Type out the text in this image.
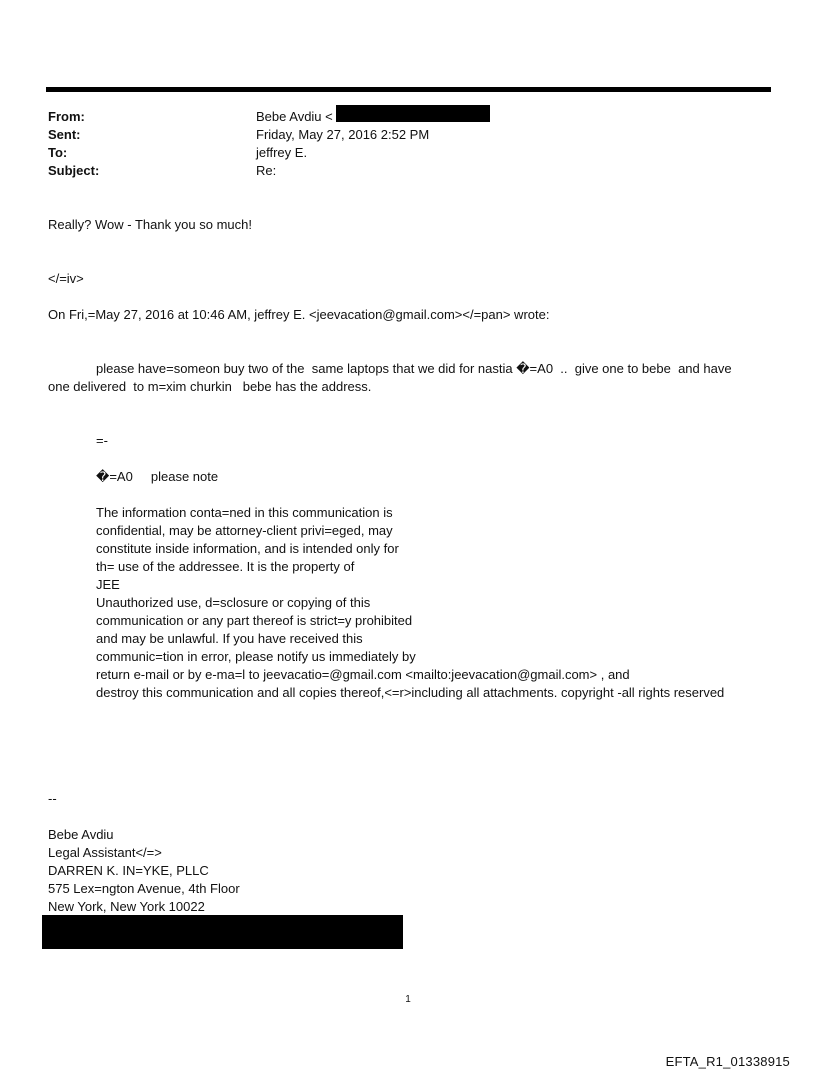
From:	Bebe Avdiu <
Sent:	Friday, May 27, 2016 2:52 PM
To:	jeffrey E.
Subject:	Re:
Really? Wow - Thank you so much!
</=iv>
On Fri,=May 27, 2016 at 10:46 AM, jeffrey E. <jeevacation@gmail.com></=pan> wrote:
please have=someon buy two of the  same laptops that we did for nastia �=A0  ..  give one to bebe  and have
one delivered  to m=xim churkin   bebe has the address.
=-
�=A0     please note
The information conta=ned in this communication is
confidential, may be attorney-client privi=eged, may
constitute inside information, and is intended only for
th= use of the addressee. It is the property of
JEE
Unauthorized use, d=sclosure or copying of this
communication or any part thereof is strict=y prohibited
and may be unlawful. If you have received this
communic=tion in error, please notify us immediately by
return e-mail or by e-ma=l to jeevacatio=@gmail.com <mailto:jeevacation@gmail.com> , and
destroy this communication and all copies thereof,<=r>including all attachments. copyright -all rights reserved
--
Bebe Avdiu
Legal Assistant</=>
DARREN K. IN=YKE, PLLC
575 Lex=ngton Avenue, 4th Floor
New York, New York 10022
1
EFTA_R1_01338915
